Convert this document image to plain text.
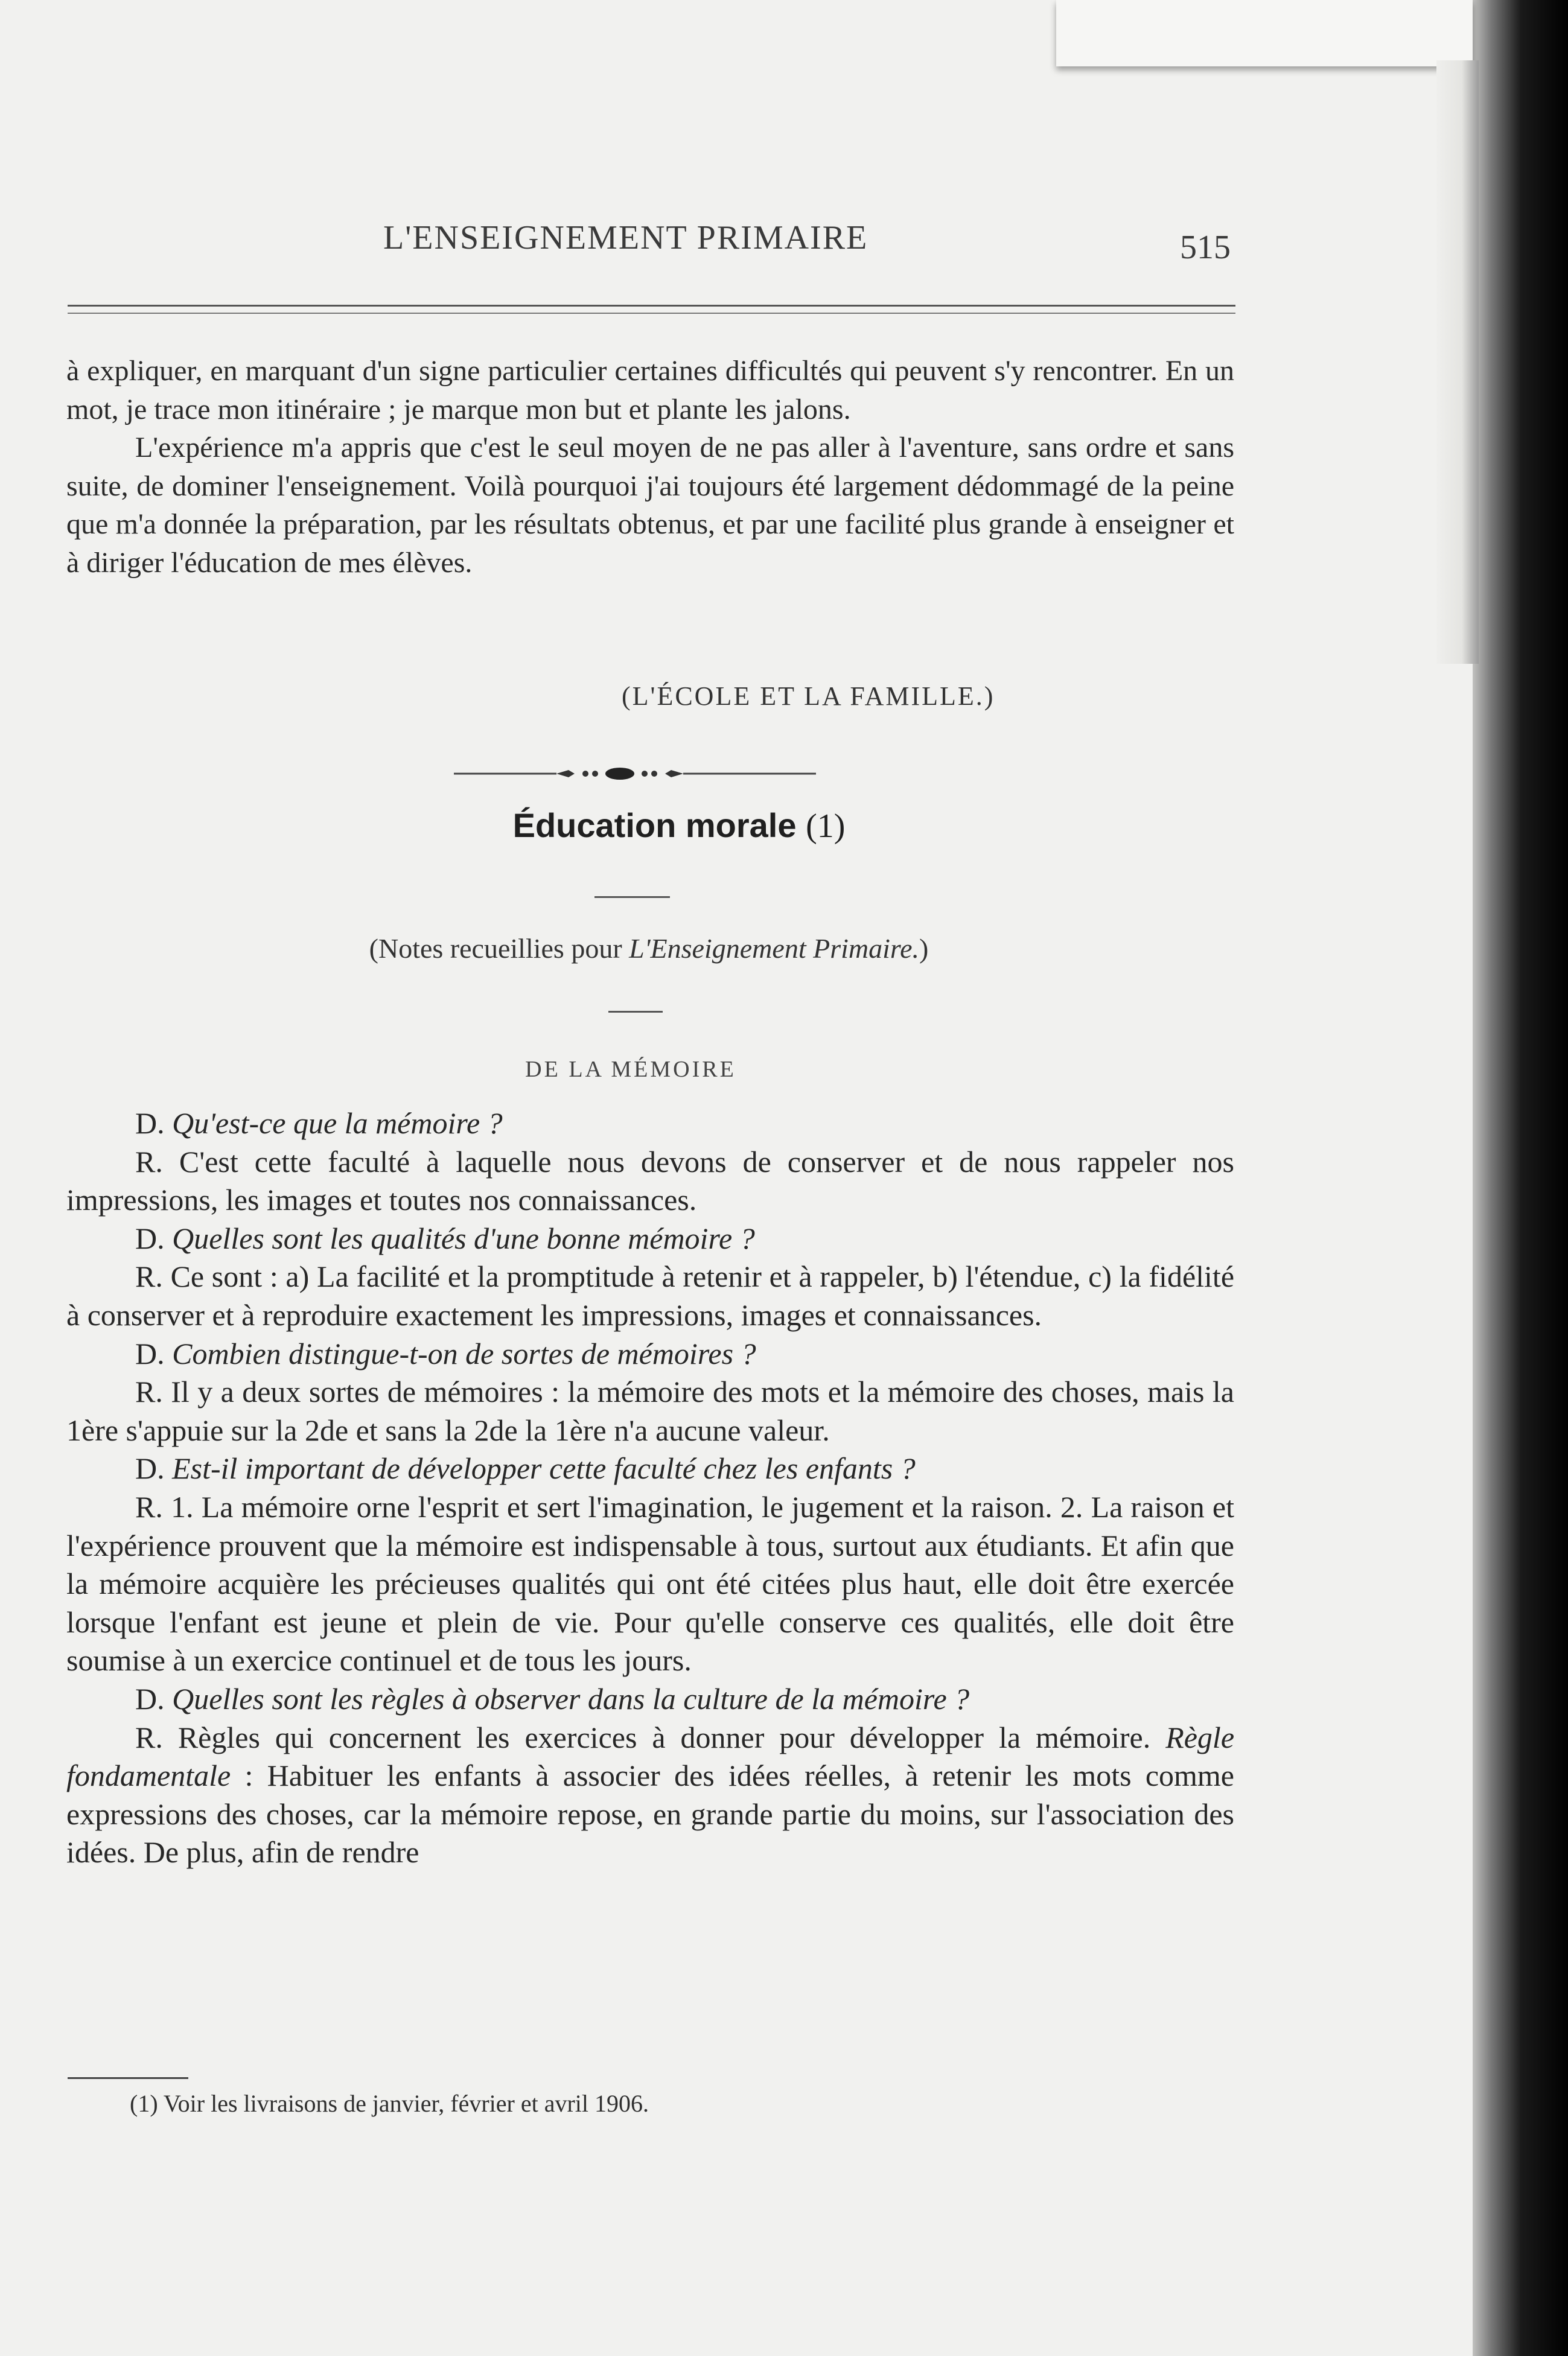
L'ENSEIGNEMENT PRIMAIRE	515

à expliquer, en marquant d'un signe particulier certaines difficultés qui peuvent s'y rencontrer. En un mot, je trace mon itinéraire ; je marque mon but et plante les jalons.

L'expérience m'a appris que c'est le seul moyen de ne pas aller à l'aventure, sans ordre et sans suite, de dominer l'enseignement. Voilà pourquoi j'ai toujours été largement dédommagé de la peine que m'a donnée la préparation, par les résultats obtenus, et par une facilité plus grande à enseigner et à diriger l'éducation de mes élèves.

(L'ÉCOLE ET LA FAMILLE.)
Éducation morale (1)
(Notes recueillies pour L'Enseignement Primaire.)
DE LA MÉMOIRE

D. Qu'est-ce que la mémoire ?

R. C'est cette faculté à laquelle nous devons de conserver et de nous rappeler nos impressions, les images et toutes nos connaissances.

D. Quelles sont les qualités d'une bonne mémoire ?

R. Ce sont : a) La facilité et la promptitude à retenir et à rappeler, b) l'étendue, c) la fidélité à conserver et à reproduire exactement les impressions, images et connaissances.

D. Combien distingue-t-on de sortes de mémoires ?

R. Il y a deux sortes de mémoires : la mémoire des mots et la mémoire des choses, mais la 1ère s'appuie sur la 2de et sans la 2de la 1ère n'a aucune valeur.

D. Est-il important de développer cette faculté chez les enfants ?

R. 1. La mémoire orne l'esprit et sert l'imagination, le jugement et la raison. 2. La raison et l'expérience prouvent que la mémoire est indispensable à tous, surtout aux étudiants. Et afin que la mémoire acquière les précieuses qualités qui ont été citées plus haut, elle doit être exercée lorsque l'enfant est jeune et plein de vie. Pour qu'elle conserve ces qualités, elle doit être soumise à un exercice continuel et de tous les jours.

D. Quelles sont les règles à observer dans la culture de la mémoire ?

R. Règles qui concernent les exercices à donner pour développer la mémoire. Règle fondamentale : Habituer les enfants à associer des idées réelles, à retenir les mots comme expressions des choses, car la mémoire repose, en grande partie du moins, sur l'association des idées. De plus, afin de rendre

(1) Voir les livraisons de janvier, février et avril 1906.
